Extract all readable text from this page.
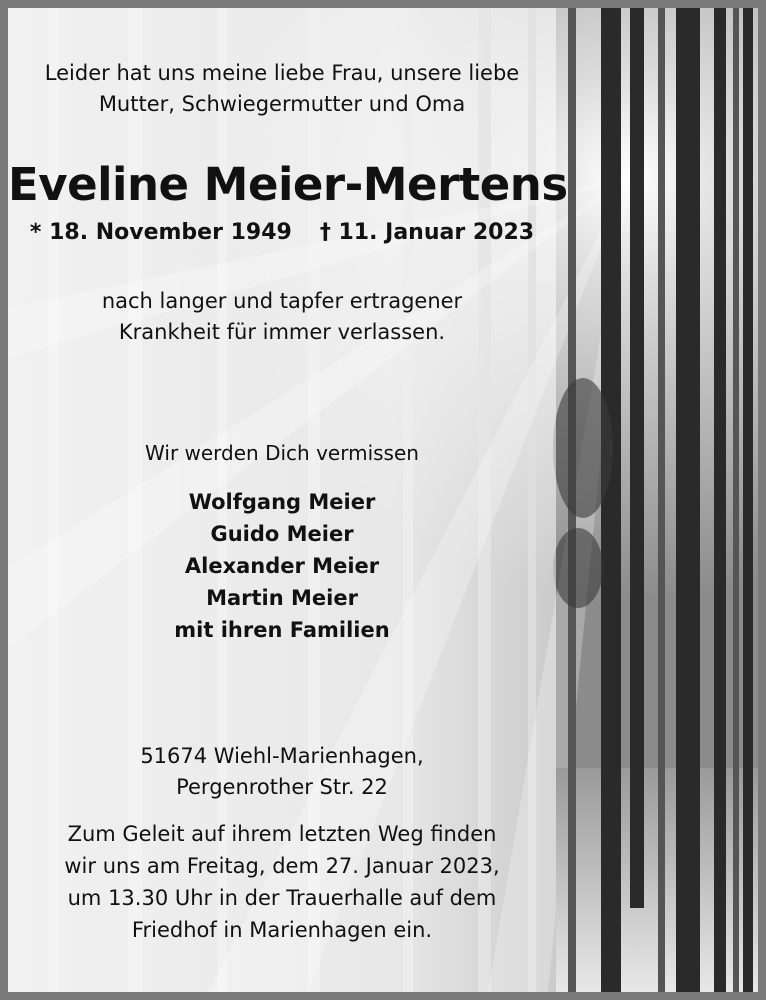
Leider hat uns meine liebe Frau, unsere liebe
Mutter, Schwiegermutter und Oma

Eveline Meier-Mertens

* 18. November 1949 † 11. Januar 2023

nach langer und tapfer ertragener
Krankheit für immer verlassen.

Wir werden Dich vermissen

Wolfgang Meier
Guido Meier
Alexander Meier
Martin Meier
mit ihren Familien

51674 Wiehl-Marienhagen,
Pergenrother Str. 22

Zum Geleit auf ihrem letzten Weg finden
wir uns am Freitag, dem 27. Januar 2023,
um 13.30 Uhr in der Trauerhalle auf dem
Friedhof in Marienhagen ein.
